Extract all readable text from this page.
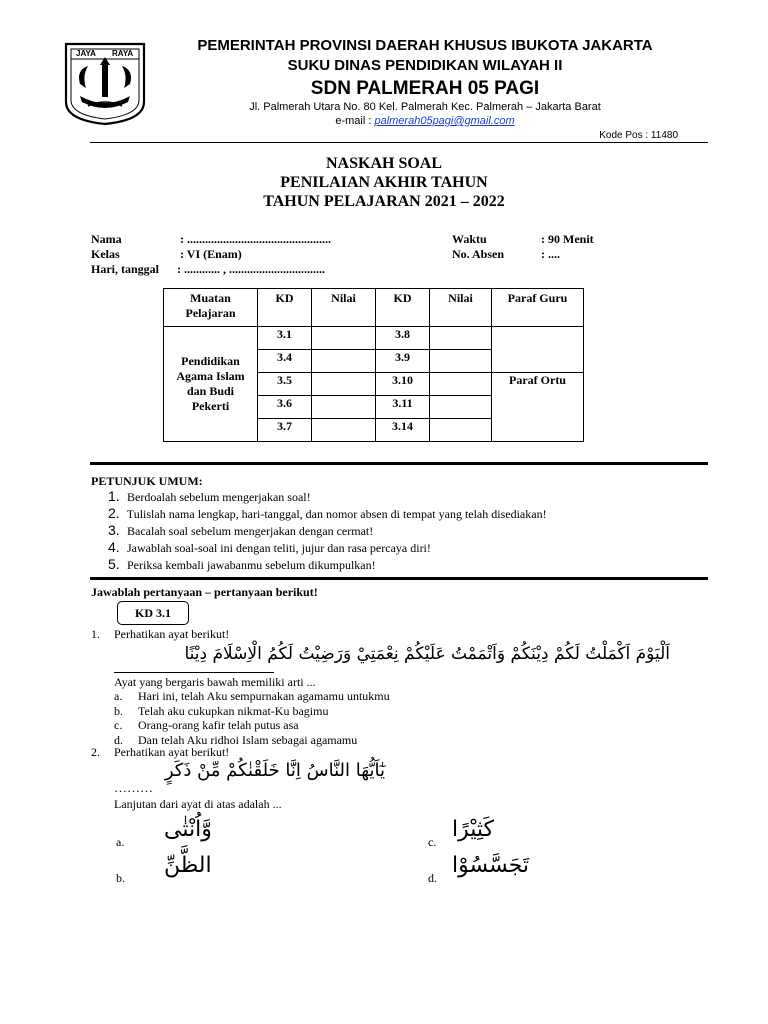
JAYA RAYA	PEMERINTAH PROVINSI DAERAH KHUSUS IBUKOTA JAKARTA
SUKU DINAS PENDIDIKAN WILAYAH II
SDN PALMERAH 05 PAGI
Jl. Palmerah Utara No. 80 Kel. Palmerah Kec. Palmerah – Jakarta Barat
e-mail : palmerah05pagi@gmail.com
Kode Pos : 11480
NASKAH SOAL
PENILAIAN AKHIR TAHUN
TAHUN PELAJARAN 2021 – 2022
Nama	: ................................................
Kelas	: VI (Enam)
Hari, tanggal : ............ , ................................
Waktu	: 90 Menit
No. Absen	: ....
Muatan Pelajaran	KD	Nilai	KD	Nilai	Paraf Guru
Pendidikan Agama Islam dan Budi Pekerti	3.1		3.8		
	3.4		3.9		
	3.5		3.10		Paraf Ortu
	3.6		3.11		
	3.7		3.14		
PETUNJUK UMUM:
1. Berdoalah sebelum mengerjakan soal!
2. Tulislah nama lengkap, hari-tanggal, dan nomor absen di tempat yang telah disediakan!
3. Bacalah soal sebelum mengerjakan dengan cermat!
4. Jawablah soal-soal ini dengan teliti, jujur dan rasa percaya diri!
5. Periksa kembali jawabanmu sebelum dikumpulkan!
Jawablah pertanyaan – pertanyaan berikut!
KD 3.1
1. Perhatikan ayat berikut!
اَلْيَوْمَ اَكْمَلْتُ لَكُمْ دِيْنَكُمْ وَاَتْمَمْتُ عَلَيْكُمْ نِعْمَتِيْ وَرَضِيْتُ لَكُمُ الْاِسْلَامَ دِيْنًا
Ayat yang bergaris bawah memiliki arti ...
a. Hari ini, telah Aku sempurnakan agamamu untukmu
b. Telah aku cukupkan nikmat-Ku bagimu
c. Orang-orang kafir telah putus asa
d. Dan telah Aku ridhoi Islam sebagai agamamu
2. Perhatikan ayat berikut!
………
يٰٓاَيُّهَا النَّاسُ اِنَّا خَلَقْنٰكُمْ مِّنْ ذَكَرٍ
Lanjutan dari ayat di atas adalah ...
a. وَّاُنْثٰى
b. الظَّنِّ
c. كَثِيْرًا
d. تَجَسَّسُوْا
